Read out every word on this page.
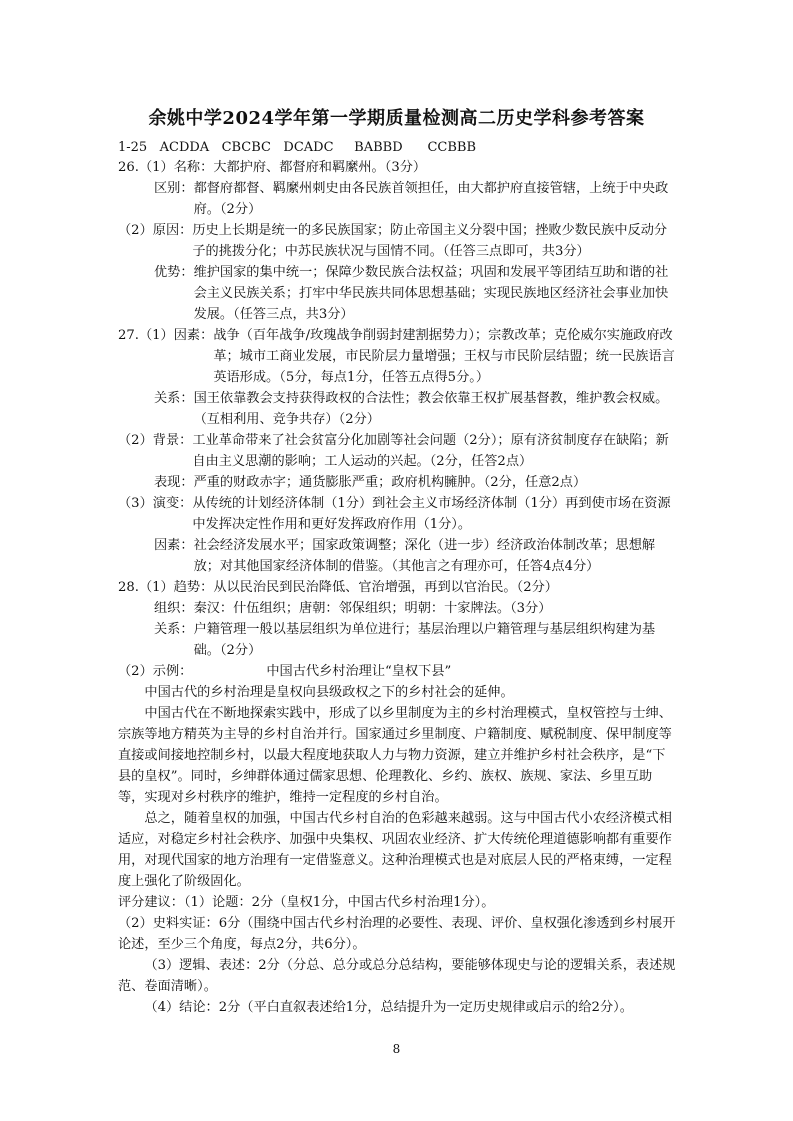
余姚中学2024学年第一学期质量检测高二历史学科参考答案
1-25   ACDDA   CBCBC   DCADC     BABBD      CCBBB
26.（1）名称： 大都护府、都督府和羁縻州。（3分）
区别： 都督府都督、羁縻州刺史由各民族首领担任，由大都护府直接管辖，上统于中央政府。（2分）
（2）原因： 历史上长期是统一的多民族国家；防止帝国主义分裂中国；挫败少数民族中反动分子的挑拨分化；中苏民族状况与国情不同。（任答三点即可，共3分）
优势： 维护国家的集中统一；保障少数民族合法权益；巩固和发展平等团结互助和谐的社会主义民族关系；打牢中华民族共同体思想基础；实现民族地区经济社会事业加快发展。（任答三点，共3分）
27.（1）因素： 战争（百年战争/玫瑰战争削弱封建割据势力）；宗教改革；克伦威尔实施政府改革；城市工商业发展，市民阶层力量增强；王权与市民阶层结盟；统一民族语言英语形成。（5分，每点1分，任答五点得5分。）
关系： 国王依靠教会支持获得政权的合法性；教会依靠王权扩展基督教，维护教会权威。（互相利用、竞争共存）（2分）
（2）背景： 工业革命带来了社会贫富分化加剧等社会问题（2分）；原有济贫制度存在缺陷；新自由主义思潮的影响；工人运动的兴起。（2分，任答2点）
表现： 严重的财政赤字；通货膨胀严重；政府机构臃肿。（2分，任意2点）
（3）演变： 从传统的计划经济体制（1分）到社会主义市场经济体制（1分）再到使市场在资源中发挥决定性作用和更好发挥政府作用（1分）。
因素： 社会经济发展水平；国家政策调整；深化（进一步）经济政治体制改革；思想解放；对其他国家经济体制的借鉴。（其他言之有理亦可，任答4点4分）
28.（1）趋势： 从以民治民到民治降低、官治增强，再到以官治民。（2分）
组织： 秦汉：什伍组织；唐朝：邻保组织；明朝：十家牌法。（3分）
关系： 户籍管理一般以基层组织为单位进行；基层治理以户籍管理与基层组织构建为基础。（2分）
（2）示例：	中国古代乡村治理让“皇权下县”
中国古代的乡村治理是皇权向县级政权之下的乡村社会的延伸。
中国古代在不断地探索实践中，形成了以乡里制度为主的乡村治理模式，皇权管控与士绅、宗族等地方精英为主导的乡村自治并行。国家通过乡里制度、户籍制度、赋税制度、保甲制度等直接或间接地控制乡村，以最大程度地获取人力与物力资源，建立并维护乡村社会秩序，是“下县的皇权”。同时，乡绅群体通过儒家思想、伦理教化、乡约、族权、族规、家法、乡里互助等，实现对乡村秩序的维护，维持一定程度的乡村自治。
总之，随着皇权的加强，中国古代乡村自治的色彩越来越弱。这与中国古代小农经济模式相适应，对稳定乡村社会秩序、加强中央集权、巩固农业经济、扩大传统伦理道德影响都有重要作用，对现代国家的地方治理有一定借鉴意义。这种治理模式也是对底层人民的严格束缚，一定程度上强化了阶级固化。
评分建议：（1）论题：2分（皇权1分，中国古代乡村治理1分）。
（2）史料实证：6分（围绕中国古代乡村治理的必要性、表现、评价、皇权强化渗透到乡村展开论述，至少三个角度，每点2分，共6分）。
（3）逻辑、表述：2分（分总、总分或总分总结构，要能够体现史与论的逻辑关系，表述规范、卷面清晰）。
（4）结论：2分（平白直叙表述给1分，总结提升为一定历史规律或启示的给2分）。
8
